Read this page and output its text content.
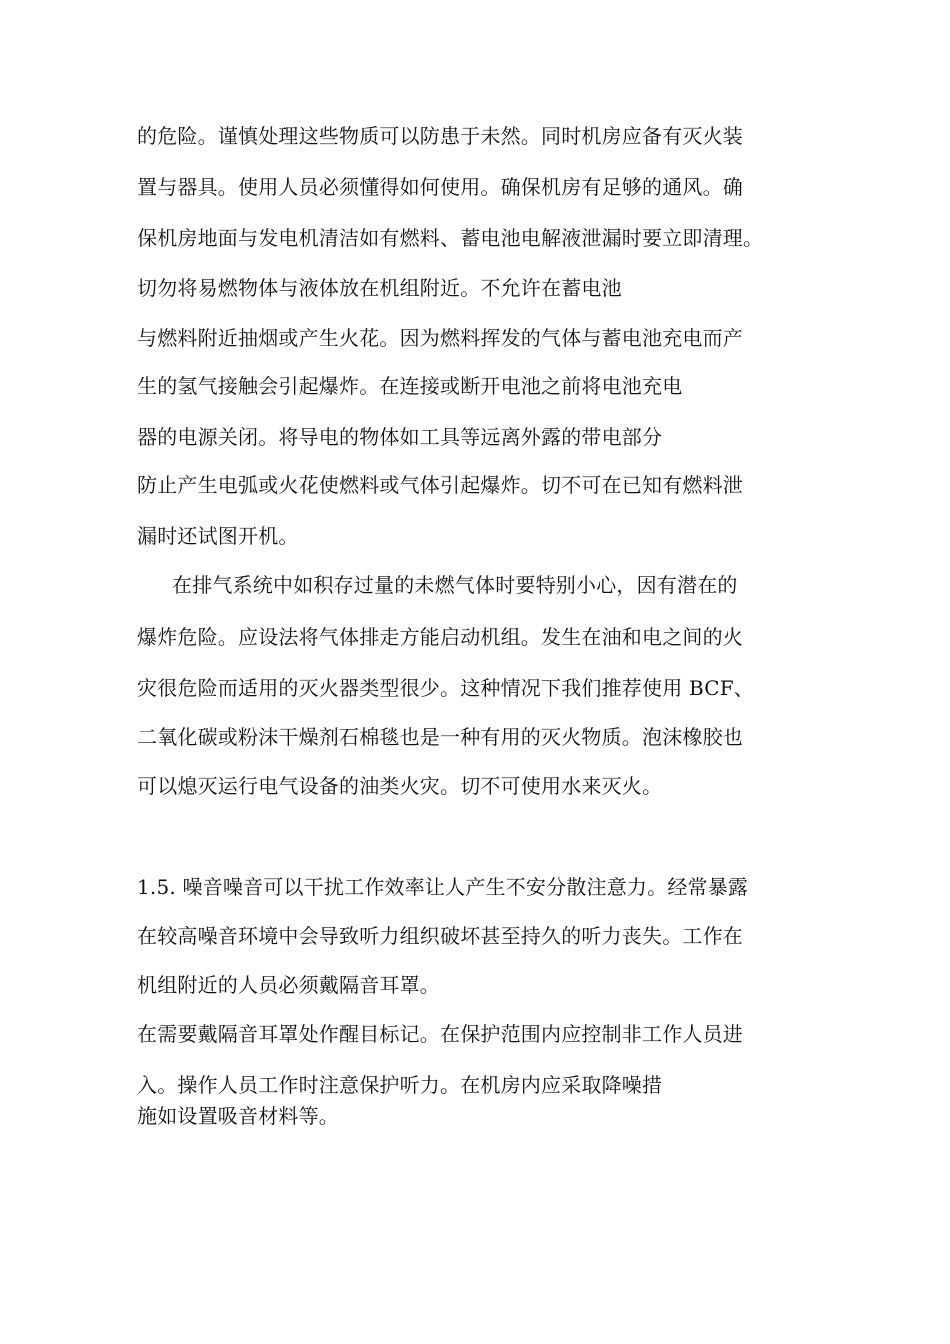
的危险。谨慎处理这些物质可以防患于未然。同时机房应备有灭火装
置与器具。使用人员必须懂得如何使用。确保机房有足够的通风。确
保机房地面与发电机清洁如有燃料、蓄电池电解液泄漏时要立即清理。
切勿将易燃物体与液体放在机组附近。不允许在蓄电池
与燃料附近抽烟或产生火花。因为燃料挥发的气体与蓄电池充电而产
生的氢气接触会引起爆炸。在连接或断开电池之前将电池充电
器的电源关闭。将导电的物体如工具等远离外露的带电部分
防止产生电弧或火花使燃料或气体引起爆炸。切不可在已知有燃料泄
漏时还试图开机。
在排气系统中如积存过量的未燃气体时要特别小心，因有潜在的
爆炸危险。应设法将气体排走方能启动机组。发生在油和电之间的火
灾很危险而适用的灭火器类型很少。这种情况下我们推荐使用 BCF、
二氧化碳或粉沫干燥剂石棉毯也是一种有用的灭火物质。泡沫橡胶也
可以熄灭运行电气设备的油类火灾。切不可使用水来灭火。
1.5. 噪音噪音可以干扰工作效率让人产生不安分散注意力。经常暴露
在较高噪音环境中会导致听力组织破坏甚至持久的听力丧失。工作在
机组附近的人员必须戴隔音耳罩。
在需要戴隔音耳罩处作醒目标记。在保护范围内应控制非工作人员进
入。操作人员工作时注意保护听力。在机房内应采取降噪措
施如设置吸音材料等。
